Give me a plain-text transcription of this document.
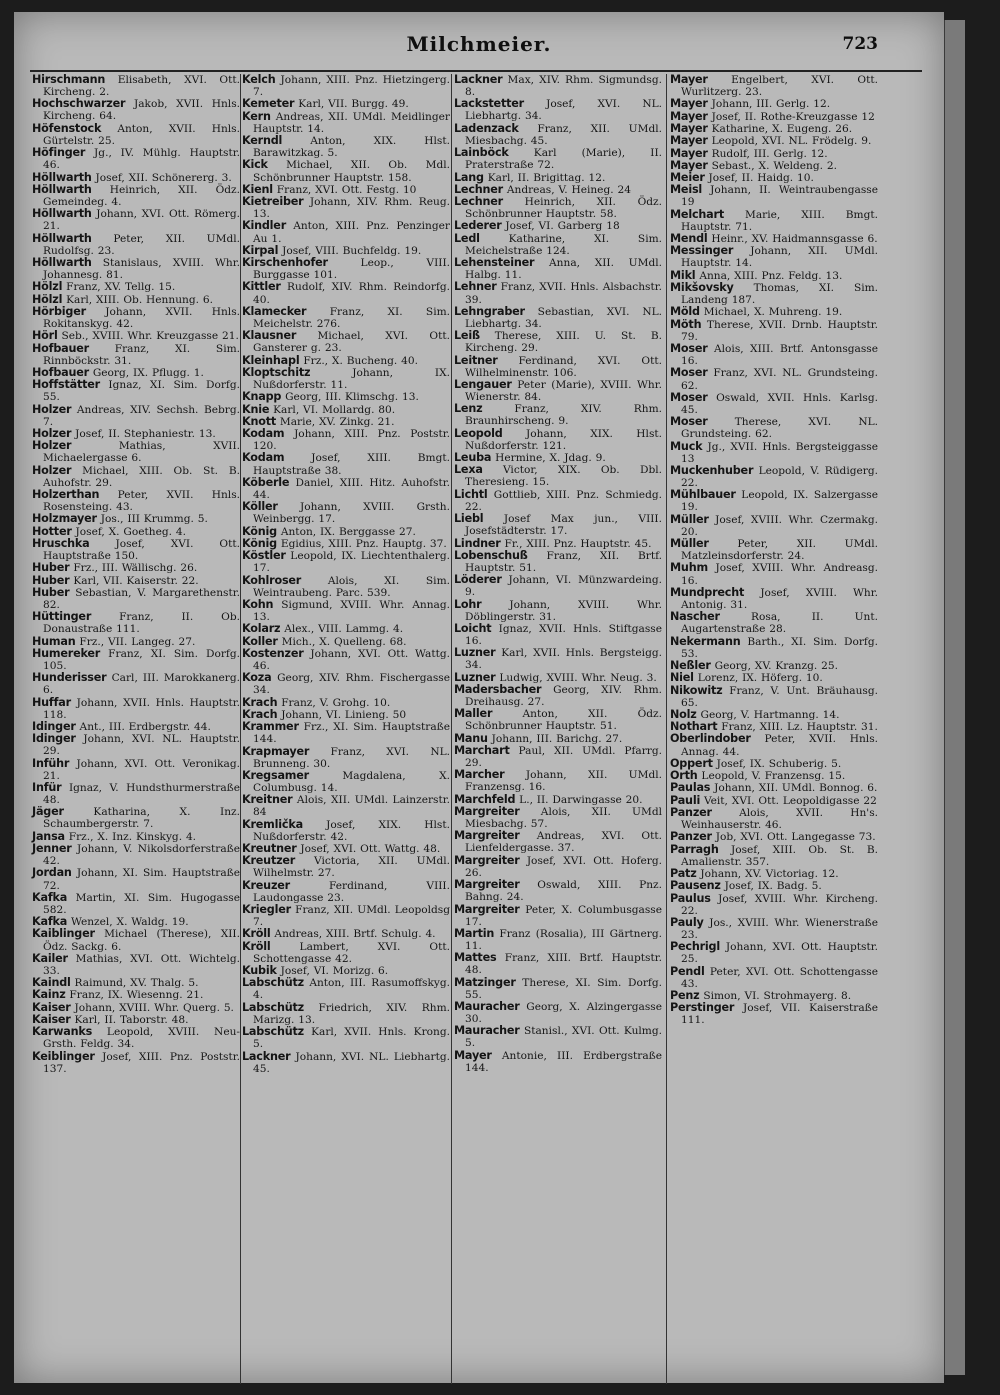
Milchmeier.	723
Hirschmann Elisabeth, XVI. Ott. Kircheng. 2.
Hochschwarzer Jakob, XVII. Hnls. Kircheng. 64.
Höfenstock Anton, XVII. Hnls. Gürtelstr. 25.
Höfinger Jg., IV. Mühlg. Hauptstr. 46.
Höllwarth Josef, XII. Schönererg. 3.
Höllwarth Heinrich, XII. Ödz. Gemeindeg. 4.
Höllwarth Johann, XVI. Ott. Römerg. 21.
Höllwarth Peter, XII. UMdl. Rudolfsg. 23.
Höllwarth Stanislaus, XVIII. Whr. Johannesg. 81.
Hölzl Franz, XV. Tellg. 15.
Hölzl Karl, XIII. Ob. Hennung. 6.
Hörbiger Johann, XVII. Hnls. Rokitanskyg. 42.
Hörl Seb., XVIII. Whr. Kreuzgasse 21.
Hofbauer Franz, XI. Sim. Rinnböckstr. 31.
Hofbauer Georg, IX. Pflugg. 1.
Hoffstätter Ignaz, XI. Sim. Dorfg. 55.
Holzer Andreas, XIV. Sechsh. Bebrg. 7.
Holzer Josef, II. Stephaniestr. 13.
Holzer Mathias, XVII. Michaelergasse 6.
Holzer Michael, XIII. Ob. St. B. Auhofstr. 29.
Holzerthan Peter, XVII. Hnls. Rosensteing. 43.
Holzmayer Jos., III Krummg. 5.
Hotter Josef, X. Goetheg. 4.
Hruschka Josef, XVI. Ott. Hauptstraße 150.
Huber Frz., III. Wällischg. 26.
Huber Karl, VII. Kaiserstr. 22.
Huber Sebastian, V. Margarethenstr. 82.
Hüttinger Franz, II. Ob. Donaustraße 111.
Human Frz., VII. Langeg. 27.
Humereker Franz, XI. Sim. Dorfg. 105.
Hunderisser Carl, III. Marokkanerg. 6.
Huffar Johann, XVII. Hnls. Hauptstr. 118.
Idinger Ant., III. Erdbergstr. 44.
Idinger Johann, XVI. NL. Hauptstr. 29.
Inführ Johann, XVI. Ott. Veronikag. 21.
Infür Ignaz, V. Hundsthurmerstraße 48.
Jäger Katharina, X. Inz. Schaumbergerstr. 7.
Jansa Frz., X. Inz. Kinskyg. 4.
Jenner Johann, V. Nikolsdorferstraße 42.
Jordan Johann, XI. Sim. Hauptstraße 72.
Kafka Martin, XI. Sim. Hugogasse 582.
Kafka Wenzel, X. Waldg. 19.
Kaiblinger Michael (Therese), XII. Ödz. Sackg. 6.
Kailer Mathias, XVI. Ott. Wichtelg. 33.
Kaindl Raimund, XV. Thalg. 5.
Kainz Franz, IX. Wiesenng. 21.
Kaiser Johann, XVIII. Whr. Querg. 5.
Kaiser Karl, II. Taborstr. 48.
Karwanks Leopold, XVIII. Neu-Grsth. Feldg. 34.
Keiblinger Josef, XIII. Pnz. Poststr. 137.
Kelch Johann, XIII. Pnz. Hietzingerg. 7.
Kemeter Karl, VII. Burgg. 49.
Kern Andreas, XII. UMdl. Meidlinger Hauptstr. 14.
Kerndl Anton, XIX. Hlst. Barawitzkag. 5.
Kick Michael, XII. Ob. Mdl. Schönbrunner Hauptstr. 158.
Kienl Franz, XVI. Ott. Festg. 10
Kietreiber Johann, XIV. Rhm. Reug. 13.
Kindler Anton, XIII. Pnz. Penzinger Au 1.
Kirpal Josef, VIII. Buchfeldg. 19.
Kirschenhofer Leop., VIII. Burggasse 101.
Kittler Rudolf, XIV. Rhm. Reindorfg. 40.
Klamecker Franz, XI. Sim. Meichelstr. 276.
Klausner Michael, XVI. Ott. Gansterer g. 23.
Kleinhapl Frz., X. Bucheng. 40.
Kloptschitz Johann, IX. Nußdorferstr. 11.
Knapp Georg, III. Klimschg. 13.
Knie Karl, VI. Mollardg. 80.
Knott Marie, XV. Zinkg. 21.
Kodam Johann, XIII. Pnz. Poststr. 120.
Kodam Josef, XIII. Bmgt. Hauptstraße 38.
Köberle Daniel, XIII. Hitz. Auhofstr. 44.
Köller Johann, XVIII. Grsth. Weinbergg. 17.
König Anton, IX. Berggasse 27.
König Egidius, XIII. Pnz. Hauptg. 37.
Köstler Leopold, IX. Liechtenthalerg. 17.
Kohlroser Alois, XI. Sim. Weintraubeng. Parc. 539.
Kohn Sigmund, XVIII. Whr. Annag. 13.
Kolarz Alex., VIII. Lammg. 4.
Koller Mich., X. Quelleng. 68.
Kostenzer Johann, XVI. Ott. Wattg. 46.
Koza Georg, XIV. Rhm. Fischergasse 34.
Krach Franz, V. Grohg. 10.
Krach Johann, VI. Linieng. 50
Krammer Frz., XI. Sim. Hauptstraße 144.
Krapmayer Franz, XVI. NL. Brunneng. 30.
Kregsamer Magdalena, X. Columbusg. 14.
Kreitner Alois, XII. UMdl. Lainzerstr. 84
Kremlička Josef, XIX. Hlst. Nußdorferstr. 42.
Kreutner Josef, XVI. Ott. Wattg. 48.
Kreutzer Victoria, XII. UMdl. Wilhelmstr. 27.
Kreuzer Ferdinand, VIII. Laudongasse 23.
Kriegler Franz, XII. UMdl. Leopoldsg 7.
Kröll Andreas, XIII. Brtf. Schulg. 4.
Kröll Lambert, XVI. Ott. Schottengasse 42.
Kubik Josef, VI. Morizg. 6.
Labschütz Anton, III. Rasumoffskyg. 4.
Labschütz Friedrich, XIV. Rhm. Marizg. 13.
Labschütz Karl, XVII. Hnls. Krong. 5.
Lackner Johann, XVI. NL. Liebhartg. 45.
Lackner Max, XIV. Rhm. Sigmundsg. 8.
Lackstetter Josef, XVI. NL. Liebhartg. 34.
Ladenzack Franz, XII. UMdl. Miesbachg. 45.
Lainböck Karl (Marie), II. Praterstraße 72.
Lang Karl, II. Brigittag. 12.
Lechner Andreas, V. Heineg. 24
Lechner Heinrich, XII. Ödz. Schönbrunner Hauptstr. 58.
Lederer Josef, VI. Garberg 18
Ledl Katharine, XI. Sim. Meichelstraße 124.
Lehensteiner Anna, XII. UMdl. Halbg. 11.
Lehner Franz, XVII. Hnls. Alsbachstr. 39.
Lehngraber Sebastian, XVI. NL. Liebhartg. 34.
Leiß Therese, XIII. U. St. B. Kircheng. 29.
Leitner Ferdinand, XVI. Ott. Wilhelminenstr. 106.
Lengauer Peter (Marie), XVIII. Whr. Wienerstr. 84.
Lenz Franz, XIV. Rhm. Braunhirscheng. 9.
Leopold Johann, XIX. Hlst. Nußdorferstr. 121.
Leuba Hermine, X. Jdag. 9.
Lexa Victor, XIX. Ob. Dbl. Theresieng. 15.
Lichtl Gottlieb, XIII. Pnz. Schmiedg. 22.
Liebl Josef Max jun., VIII. Josefstädterstr. 17.
Lindner Fr., XIII. Pnz. Hauptstr. 45.
Lobenschuß Franz, XII. Brtf. Hauptstr. 51.
Löderer Johann, VI. Münzwardeing. 9.
Lohr Johann, XVIII. Whr. Döblingerstr. 31.
Loicht Ignaz, XVII. Hnls. Stiftgasse 16.
Luzner Karl, XVII. Hnls. Bergsteigg. 34.
Luzner Ludwig, XVIII. Whr. Neug. 3.
Madersbacher Georg, XIV. Rhm. Dreihausg. 27.
Maller Anton, XII. Ödz. Schönbrunner Hauptstr. 51.
Manu Johann, III. Barichg. 27.
Marchart Paul, XII. UMdl. Pfarrg. 29.
Marcher Johann, XII. UMdl. Franzensg. 16.
Marchfeld L., II. Darwingasse 20.
Margreiter Alois, XII. UMdl Miesbachg. 57.
Margreiter Andreas, XVI. Ott. Lienfeldergasse. 37.
Margreiter Josef, XVI. Ott. Hoferg. 26.
Margreiter Oswald, XIII. Pnz. Bahng. 24.
Margreiter Peter, X. Columbusgasse 17.
Martin Franz (Rosalia), III Gärtnerg. 11.
Mattes Franz, XIII. Brtf. Hauptstr. 48.
Matzinger Therese, XI. Sim. Dorfg. 55.
Mauracher Georg, X. Alzingergasse 30.
Mauracher Stanisl., XVI. Ott. Kulmg. 5.
Mayer Antonie, III. Erdbergstraße 144.
Mayer Engelbert, XVI. Ott. Wurlitzerg. 23.
Mayer Johann, III. Gerlg. 12.
Mayer Josef, II. Rothe-Kreuzgasse 12
Mayer Katharine, X. Eugeng. 26.
Mayer Leopold, XVI. NL. Frödelg. 9.
Mayer Rudolf, III. Gerlg. 12.
Mayer Sebast., X. Weldeng. 2.
Meier Josef, II. Haidg. 10.
Meisl Johann, II. Weintraubengasse 19
Melchart Marie, XIII. Bmgt. Hauptstr. 71.
Mendl Heinr., XV. Haidmannsgasse 6.
Messinger Johann, XII. UMdl. Hauptstr. 14.
Mikl Anna, XIII. Pnz. Feldg. 13.
Mikšovsky Thomas, XI. Sim. Landeng 187.
Möld Michael, X. Muhreng. 19.
Möth Therese, XVII. Drnb. Hauptstr. 79.
Moser Alois, XIII. Brtf. Antonsgasse 16.
Moser Franz, XVI. NL. Grundsteing. 62.
Moser Oswald, XVII. Hnls. Karlsg. 45.
Moser Therese, XVI. NL. Grundsteing. 62.
Muck Jg., XVII. Hnls. Bergsteiggasse 13
Muckenhuber Leopold, V. Rüdigerg. 22.
Mühlbauer Leopold, IX. Salzergasse 19.
Müller Josef, XVIII. Whr. Czermakg. 20.
Müller Peter, XII. UMdl. Matzleinsdorferstr. 24.
Muhm Josef, XVIII. Whr. Andreasg. 16.
Mundprecht Josef, XVIII. Whr. Antonig. 31.
Nascher Rosa, II. Unt. Augartenstraße 28.
Nekermann Barth., XI. Sim. Dorfg. 53.
Neßler Georg, XV. Kranzg. 25.
Niel Lorenz, IX. Höferg. 10.
Nikowitz Franz, V. Unt. Bräuhausg. 65.
Nolz Georg, V. Hartmanng. 14.
Nothart Franz, XIII. Lz. Hauptstr. 31.
Oberlindober Peter, XVII. Hnls. Annag. 44.
Oppert Josef, IX. Schuberig. 5.
Orth Leopold, V. Franzensg. 15.
Paulas Johann, XII. UMdl. Bonnog. 6.
Pauli Veit, XVI. Ott. Leopoldigasse 22
Panzer Alois, XVII. Hn's. Weinhauserstr. 46.
Panzer Job, XVI. Ott. Langegasse 73.
Parragh Josef, XIII. Ob. St. B. Amalienstr. 357.
Patz Johann, XV. Victoriag. 12.
Pausenz Josef, IX. Badg. 5.
Paulus Josef, XVIII. Whr. Kircheng. 22.
Pauly Jos., XVIII. Whr. Wienerstraße 23.
Pechrigl Johann, XVI. Ott. Hauptstr. 25.
Pendl Peter, XVI. Ott. Schottengasse 43.
Penz Simon, VI. Strohmayerg. 8.
Perstinger Josef, VII. Kaiserstraße 111.
